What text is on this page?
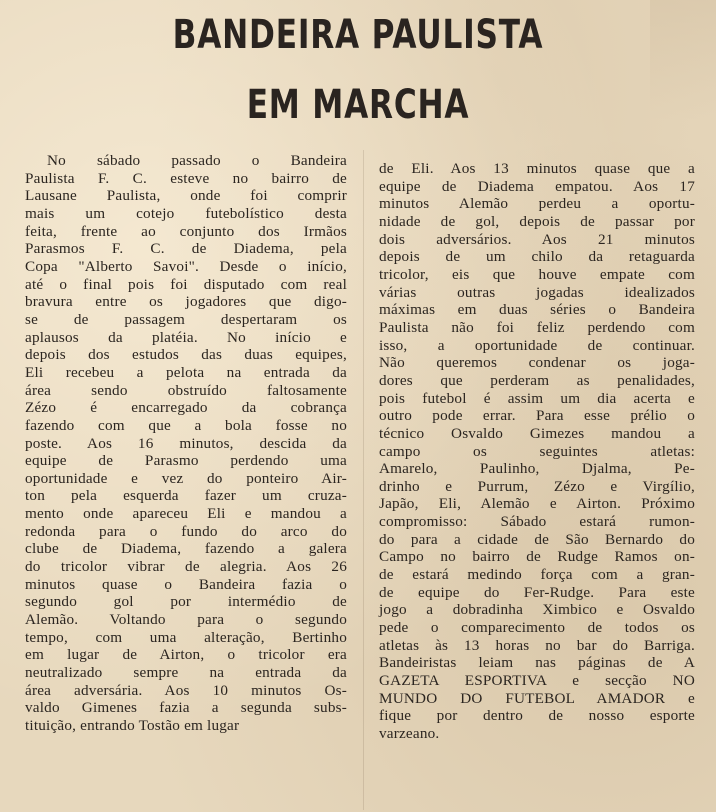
BANDEIRA PAULISTA
EM MARCHA
No sábado passado o Bandeira
Paulista F. C. esteve no bairro de
Lausane Paulista, onde foi comprir
mais um cotejo futebolístico desta
feita, frente ao conjunto dos Irmãos
Parasmos F. C. de Diadema, pela
Copa "Alberto Savoi". Desde o início,
até o final pois foi disputado com real
bravura entre os jogadores que digo-
se de passagem despertaram os
aplausos da platéia. No início e
depois dos estudos das duas equipes,
Eli recebeu a pelota na entrada da
área sendo obstruído faltosamente
Zézo é encarregado da cobrança
fazendo com que a bola fosse no
poste. Aos 16 minutos, descida da
equipe de Parasmo perdendo uma
oportunidade e vez do ponteiro Air-
ton pela esquerda fazer um cruza-
mento onde apareceu Eli e mandou a
redonda para o fundo do arco do
clube de Diadema, fazendo a galera
do tricolor vibrar de alegria. Aos 26
minutos quase o Bandeira fazia o
segundo gol por intermédio de
Alemão. Voltando para o segundo
tempo, com uma alteração, Bertinho
em lugar de Airton, o tricolor era
neutralizado sempre na entrada da
área adversária. Aos 10 minutos Os-
valdo Gimenes fazia a segunda subs-
tituição, entrando Tostão em lugar
de Eli. Aos 13 minutos quase que a
equipe de Diadema empatou. Aos 17
minutos Alemão perdeu a oportu-
nidade de gol, depois de passar por
dois adversários. Aos 21 minutos
depois de um chilo da retaguarda
tricolor, eis que houve empate com
várias outras jogadas idealizados
máximas em duas séries o Bandeira
Paulista não foi feliz perdendo com
isso, a oportunidade de continuar.
Não queremos condenar os joga-
dores que perderam as penalidades,
pois futebol é assim um dia acerta e
outro pode errar. Para esse prélio o
técnico Osvaldo Gimezes mandou a
campo os seguintes atletas:
Amarelo, Paulinho, Djalma, Pe-
drinho e Purrum, Zézo e Virgílio,
Japão, Eli, Alemão e Airton. Próximo
compromisso: Sábado estará rumon-
do para a cidade de São Bernardo do
Campo no bairro de Rudge Ramos on-
de estará medindo força com a gran-
de equipe do Fer-Rudge. Para este
jogo a dobradinha Ximbico e Osvaldo
pede o comparecimento de todos os
atletas às 13 horas no bar do Barriga.
Bandeiristas leiam nas páginas de A
GAZETA ESPORTIVA e secção NO
MUNDO DO FUTEBOL AMADOR e
fique por dentro de nosso esporte
varzeano.
